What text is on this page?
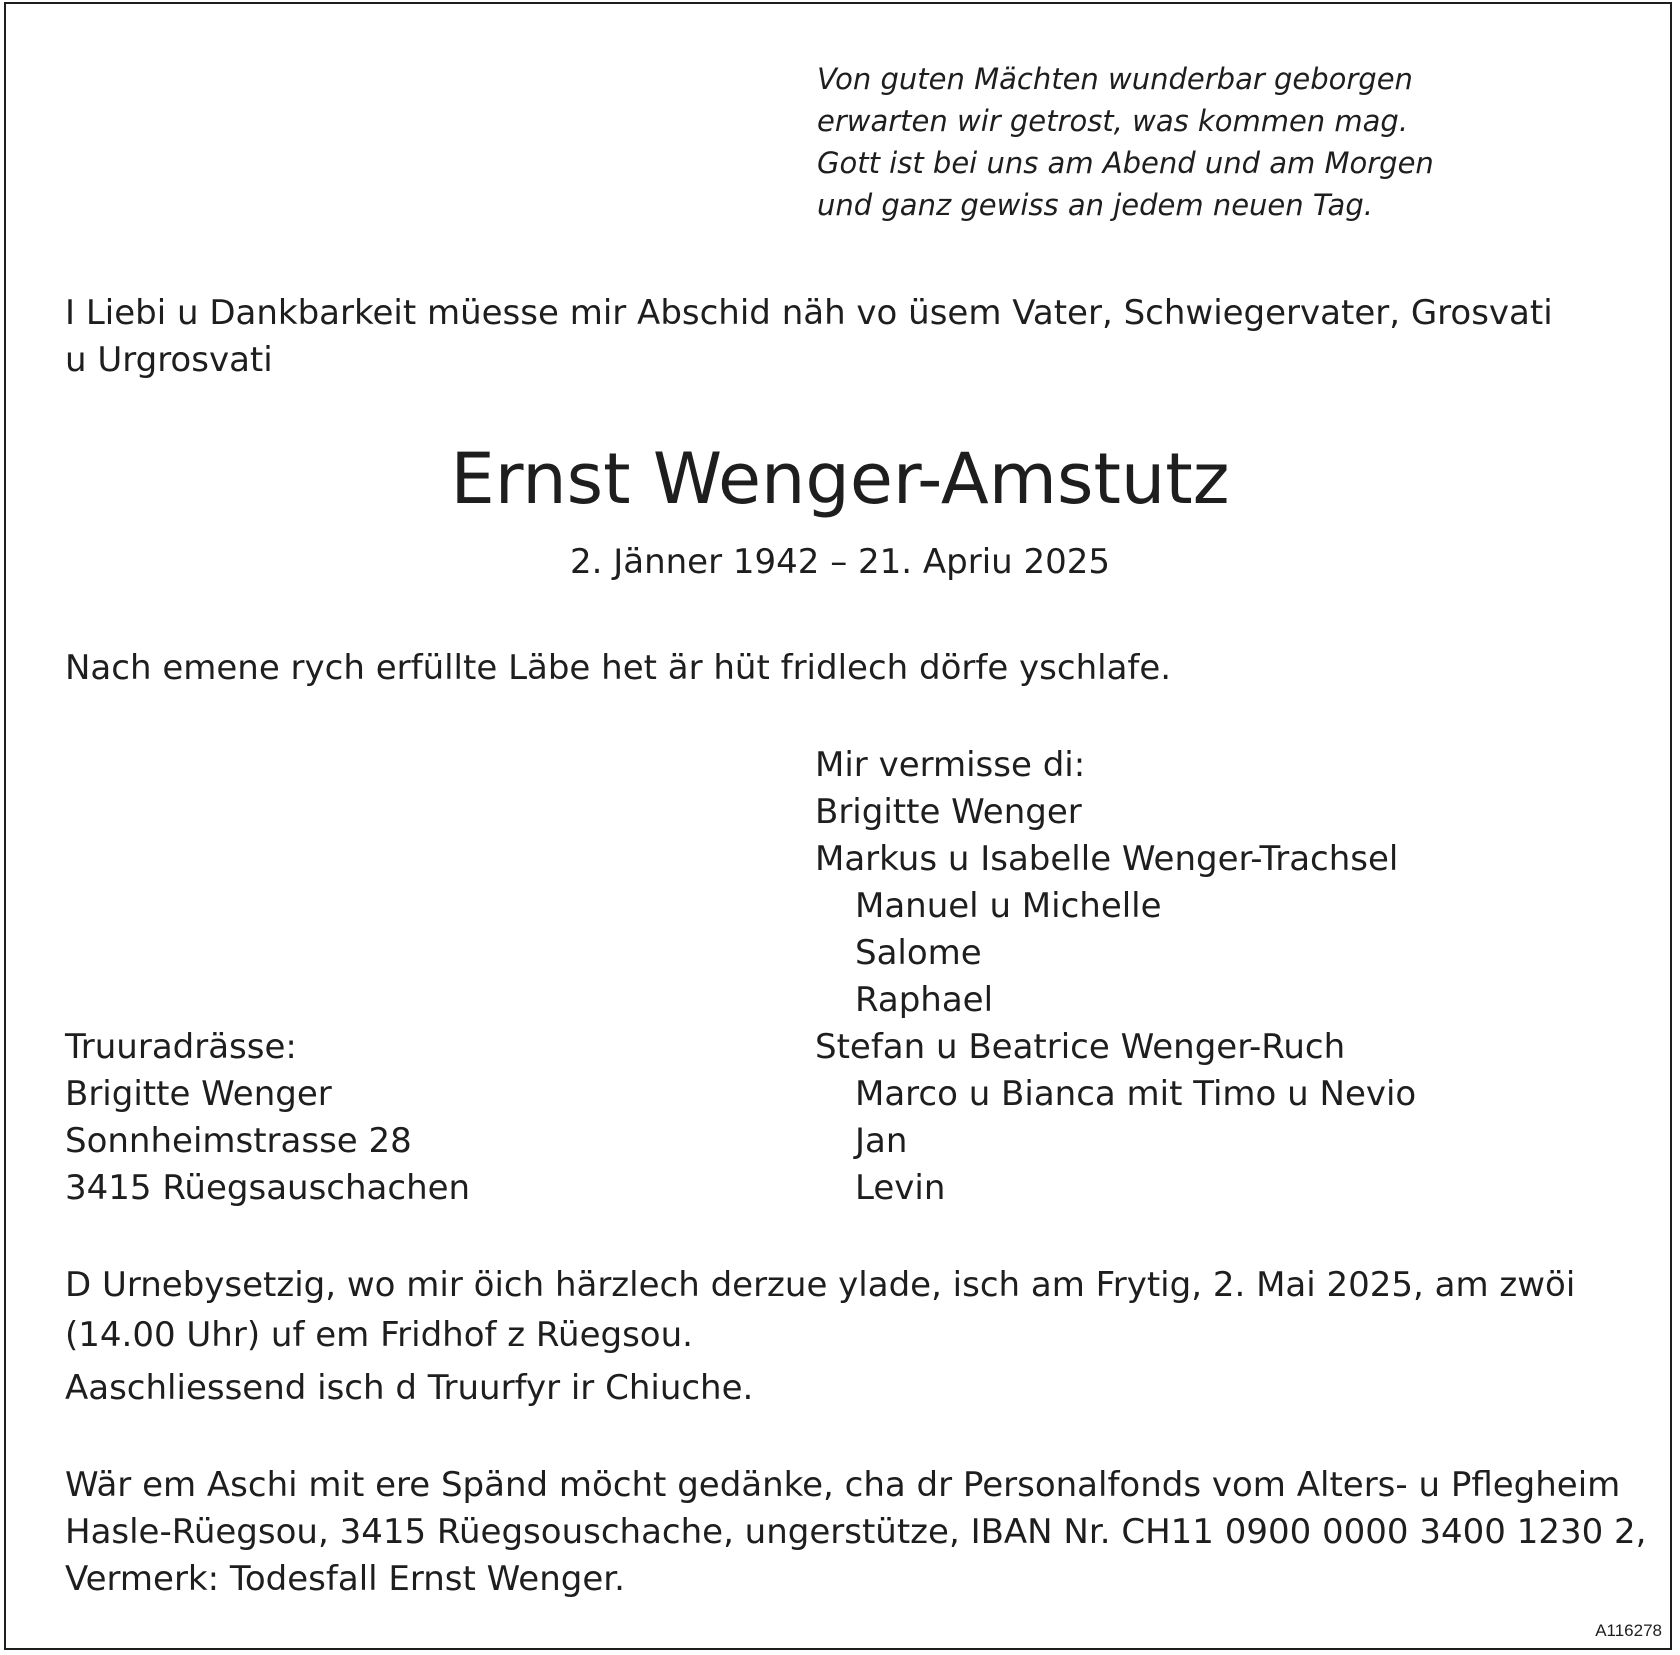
Von guten Mächten wunderbar geborgen
erwarten wir getrost, was kommen mag.
Gott ist bei uns am Abend und am Morgen
und ganz gewiss an jedem neuen Tag.
I Liebi u Dankbarkeit müesse mir Abschid näh vo üsem Vater, Schwiegervater, Grosvati
u Urgrosvati
Ernst Wenger-Amstutz
2. Jänner 1942 – 21. Apriu 2025
Nach emene rych erfüllte Läbe het är hüt fridlech dörfe yschlafe.
Mir vermisse di:
Brigitte Wenger
Markus u Isabelle Wenger-Trachsel
Manuel u Michelle
Salome
Raphael
Stefan u Beatrice Wenger-Ruch
Marco u Bianca mit Timo u Nevio
Jan
Levin
Truuradrässe:
Brigitte Wenger
Sonnheimstrasse 28
3415 Rüegsauschachen
D Urnebysetzig, wo mir öich härzlech derzue ylade, isch am Frytig, 2. Mai 2025, am zwöi
(14.00 Uhr) uf em Fridhof z Rüegsou.
Aaschliessend isch d Truurfyr ir Chiuche.
Wär em Aschi mit ere Spänd möcht gedänke, cha dr Personalfonds vom Alters- u Pflegheim
Hasle-Rüegsou, 3415 Rüegsouschache, ungerstütze, IBAN Nr. CH11 0900 0000 3400 1230 2,
Vermerk: Todesfall Ernst Wenger.
A116278
